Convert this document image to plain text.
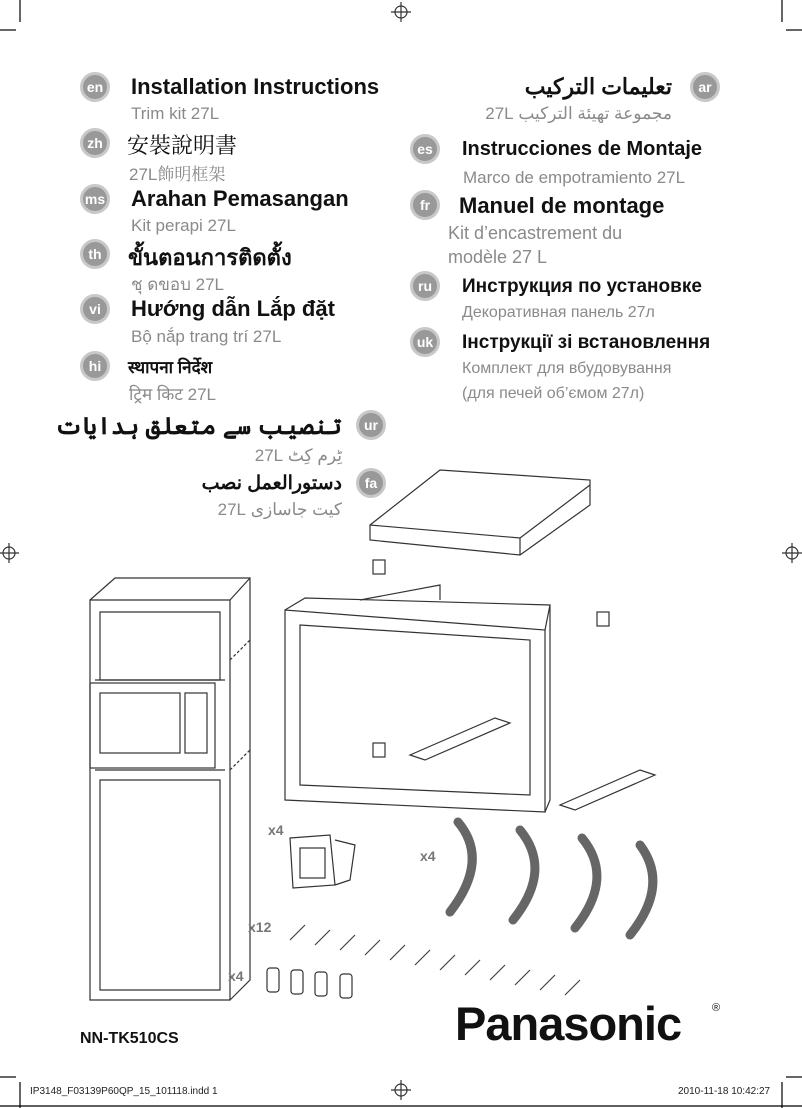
en	Installation Instructions
Trim kit 27L
zh	安裝說明書
27L飾明框架
ms Arahan Pemasangan
Kit perapi 27L
th	ขั้นตอนการติดตั้ง
ชุ ดขอบ 27L
vi	Hướng dẫn Lắp đặt
Bộ nắp trang trí 27L
hi	स्थापना निर्देश
ट्रिम किट 27L
ar
تعليمات التركيب
مجموعة تهيئة التركيب 27L
es	Instrucciones de Montaje
Marco de empotramiento 27L
fr	Manuel de montage
Kit d’encastrement du
modèle 27 L
ru	Инструкция по установке
Декоративная панель 27л
uk	Інструкції зі встановлення
Комплект для вбудовування
(для печей об’ємом 27л)
ur
تنصیب سے متعلق ہدایات
ٹِرم کِٹ 27L
fa
دستورالعمل نصب
کیت جاسازی 27L
x4
x4
x12
x4
NN-TK510CS	Panasonic	®
IP3148_F03139P60QP_15_101118.indd 1	2010-11-18 10:42:27
